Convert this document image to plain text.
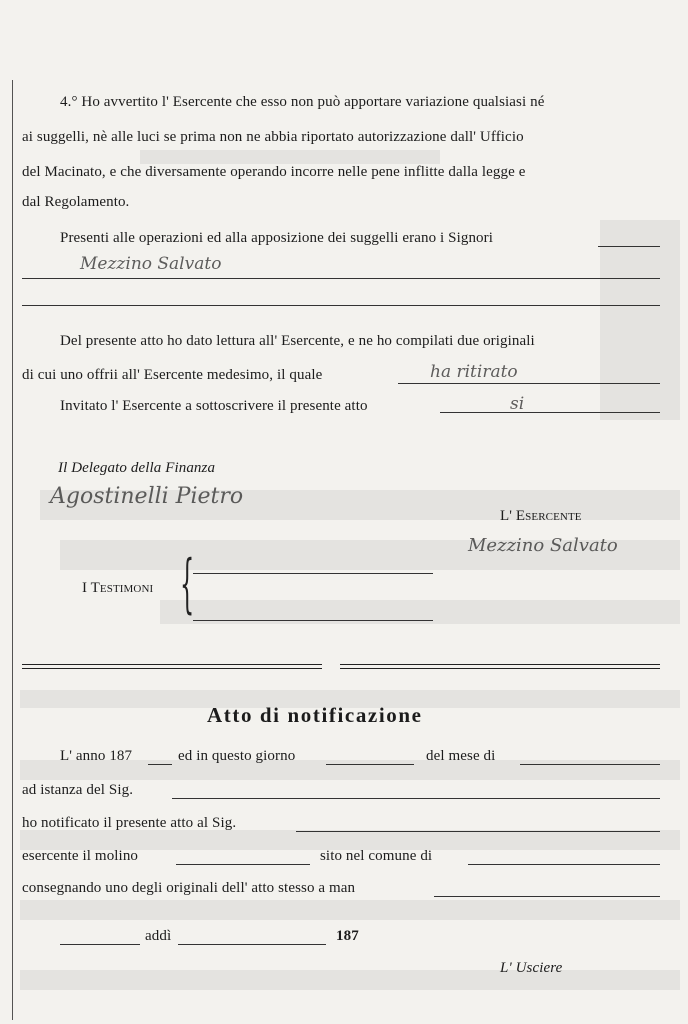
4.° Ho avvertito l' Esercente che esso non può apportare variazione qualsiasi né
ai suggelli, nè alle luci se prima non ne abbia riportato autorizzazione dall' Ufficio
del Macinato, e che diversamente operando incorre nelle pene inflitte dalla legge e
dal Regolamento.
Presenti alle operazioni ed alla apposizione dei suggelli erano i Signori
Mezzino Salvato
Del presente atto ho dato lettura all' Esercente, e ne ho compilati due originali
di cui uno offrii all' Esercente medesimo, il quale	ha ritirato
Invitato l' Esercente a sottoscrivere il presente atto	si
Il Delegato della Finanza
Agostinelli Pietro
L' Esercente
Mezzino Salvato
I Testimoni {
Atto di notificazione
L' anno 187	ed in questo giorno	del mese di
ad istanza del Sig.
ho notificato il presente atto al Sig.
esercente il molino	sito nel comune di
consegnando uno degli originali dell' atto stesso a man
addì	187
L' Usciere
